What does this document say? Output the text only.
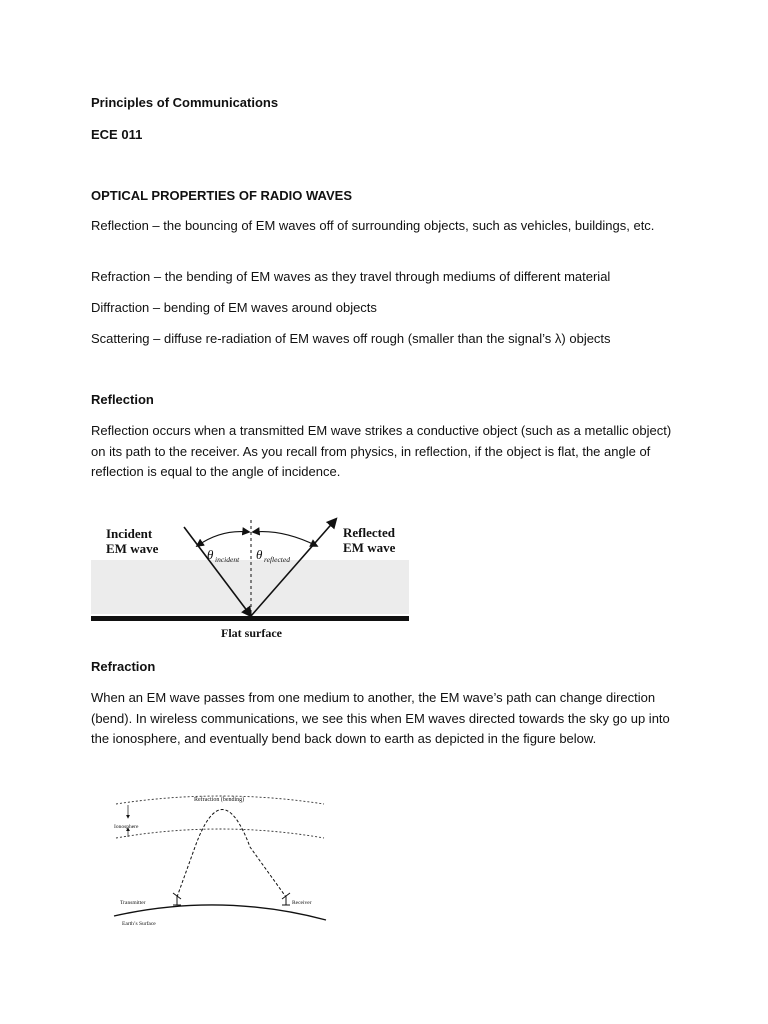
Principles of Communications

ECE 011

OPTICAL PROPERTIES OF RADIO WAVES

Reflection – the bouncing of EM waves off of surrounding objects, such as vehicles, buildings, etc.

Refraction – the bending of EM waves as they travel through mediums of different material

Diffraction – bending of EM waves around objects

Scattering – diffuse re-radiation of EM waves off rough (smaller than the signal’s λ) objects

Reflection

Reflection occurs when a transmitted EM wave strikes a conductive object (such as a metallic object) on its path to the receiver. As you recall from physics, in reflection, if the object is flat, the angle of reflection is equal to the angle of incidence.

Incident
EM wave
Reflected
EM wave
θ incident θ reflected
Flat surface

Refraction

When an EM wave passes from one medium to another, the EM wave’s path can change direction (bend). In wireless communications, we see this when EM waves directed towards the sky go up into the ionosphere, and eventually bend back down to earth as depicted in the figure below.

Refraction (bending)
Ionosphere
Transmitter	Receiver
Earth’s Surface
